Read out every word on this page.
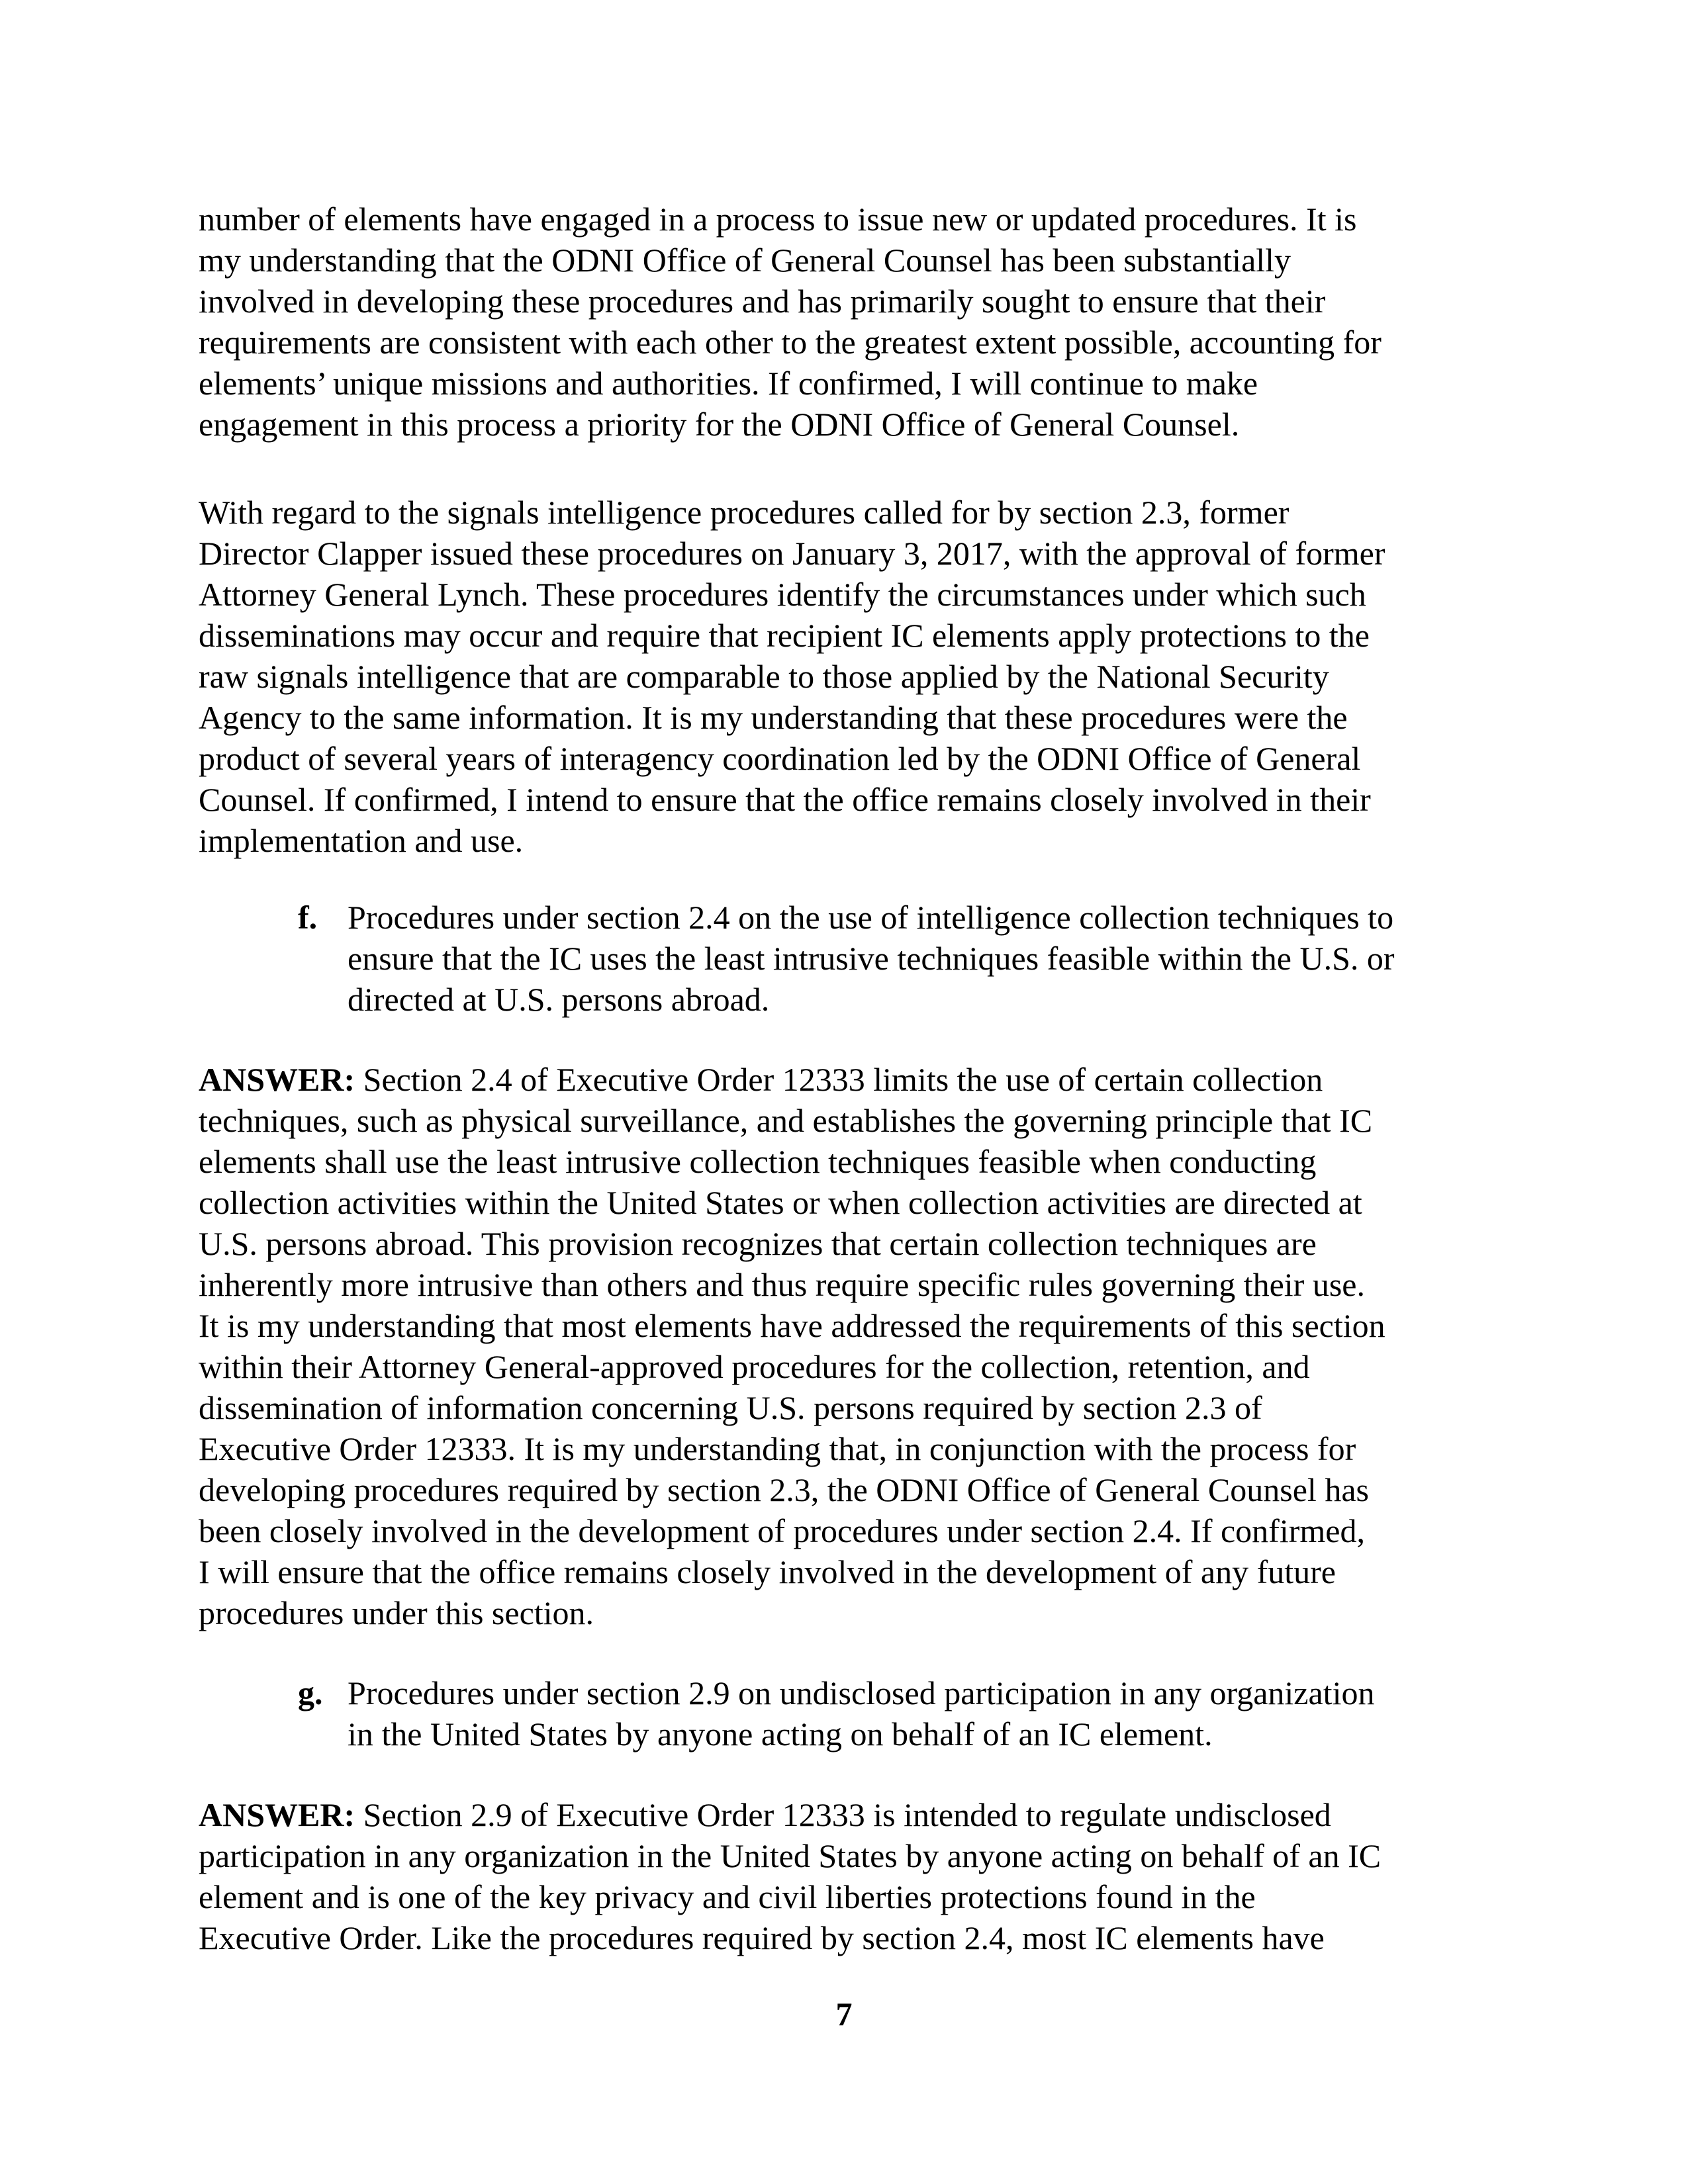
number of elements have engaged in a process to issue new or updated procedures. It is
my understanding that the ODNI Office of General Counsel has been substantially
involved in developing these procedures and has primarily sought to ensure that their
requirements are consistent with each other to the greatest extent possible, accounting for
elements’ unique missions and authorities. If confirmed, I will continue to make
engagement in this process a priority for the ODNI Office of General Counsel.
With regard to the signals intelligence procedures called for by section 2.3, former
Director Clapper issued these procedures on January 3, 2017, with the approval of former
Attorney General Lynch. These procedures identify the circumstances under which such
disseminations may occur and require that recipient IC elements apply protections to the
raw signals intelligence that are comparable to those applied by the National Security
Agency to the same information. It is my understanding that these procedures were the
product of several years of interagency coordination led by the ODNI Office of General
Counsel. If confirmed, I intend to ensure that the office remains closely involved in their
implementation and use.
f. Procedures under section 2.4 on the use of intelligence collection techniques to
ensure that the IC uses the least intrusive techniques feasible within the U.S. or
directed at U.S. persons abroad.
ANSWER: Section 2.4 of Executive Order 12333 limits the use of certain collection
techniques, such as physical surveillance, and establishes the governing principle that IC
elements shall use the least intrusive collection techniques feasible when conducting
collection activities within the United States or when collection activities are directed at
U.S. persons abroad. This provision recognizes that certain collection techniques are
inherently more intrusive than others and thus require specific rules governing their use.
It is my understanding that most elements have addressed the requirements of this section
within their Attorney General-approved procedures for the collection, retention, and
dissemination of information concerning U.S. persons required by section 2.3 of
Executive Order 12333. It is my understanding that, in conjunction with the process for
developing procedures required by section 2.3, the ODNI Office of General Counsel has
been closely involved in the development of procedures under section 2.4. If confirmed,
I will ensure that the office remains closely involved in the development of any future
procedures under this section.
g. Procedures under section 2.9 on undisclosed participation in any organization
in the United States by anyone acting on behalf of an IC element.
ANSWER: Section 2.9 of Executive Order 12333 is intended to regulate undisclosed
participation in any organization in the United States by anyone acting on behalf of an IC
element and is one of the key privacy and civil liberties protections found in the
Executive Order. Like the procedures required by section 2.4, most IC elements have
7
